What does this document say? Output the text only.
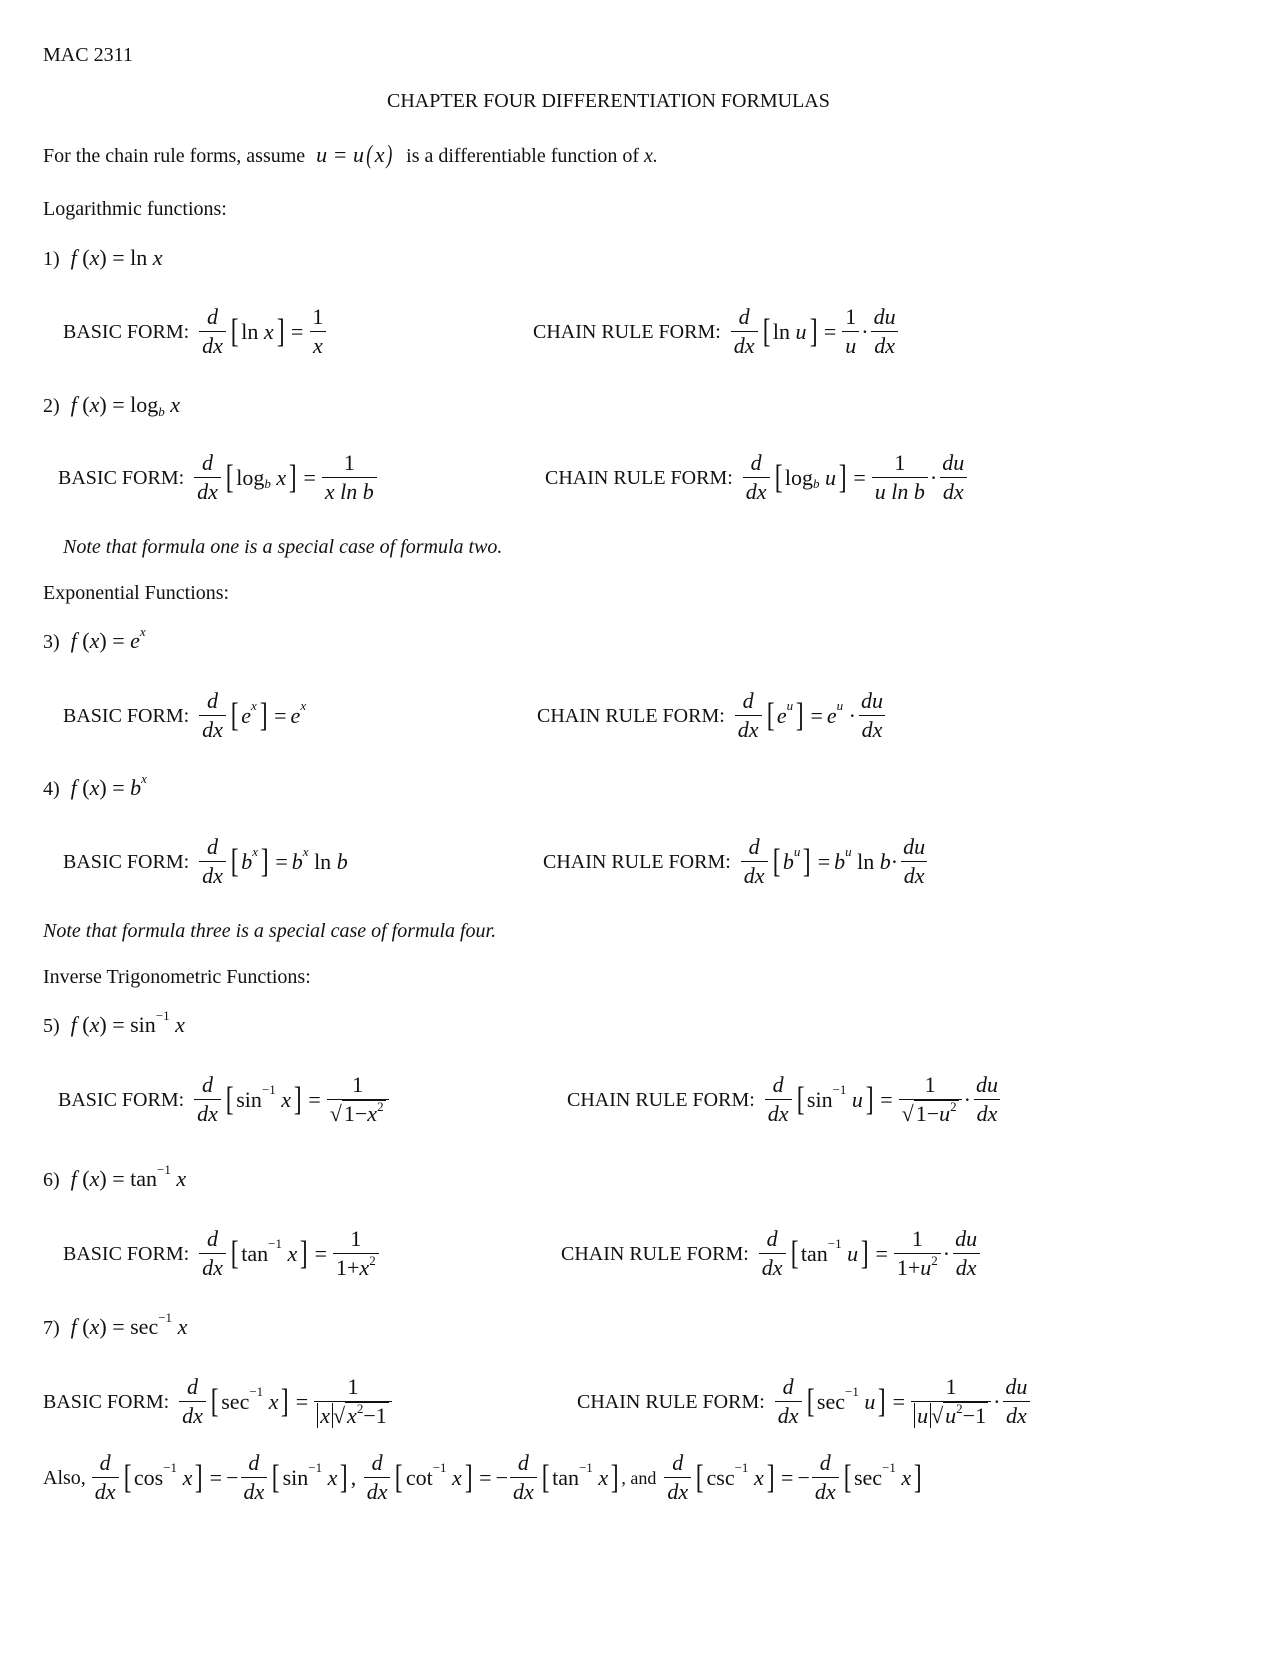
MAC 2311
CHAPTER FOUR DIFFERENTIATION FORMULAS
For the chain rule forms, assume u = u ( x ) is a differentiable function of x.
Logarithmic functions:
1) f ( x ) = ln x
BASIC FORM: $\frac{d}{dx}$ [ ln x ] = $\frac{1}{x}$	CHAIN RULE FORM: $\frac{d}{dx}$ [ ln u ] = $\frac{1}{u} \cdot \frac{du}{dx}$
2) f ( x ) = log b
x
BASIC FORM: $\frac{d}{dx}$ [ log b
x ] = $\frac{1}{\text{x ln b}}$	CHAIN RULE FORM: $\frac{d}{dx}$ [ log b
u ] = $\frac{1}{\text{u ln b}} \cdot \frac{du}{dx}$
Note that formula one is a special case of formula two.
Exponential Functions:
3) f ( x ) = e x
BASIC FORM: $\frac{d}{dx}$ [ e x ] = e x	CHAIN RULE FORM: $\frac{d}{dx}$ [ e u ] = e $u \cdot \frac{du}{dx}$
4) f ( x ) = b x
BASIC FORM: $\frac{d}{dx}$ [ b x ] = b x ln b	CHAIN RULE FORM: $\frac{d}{dx}$ [ b u ] = b u $\ln b \cdot \frac{du}{dx}$
Note that formula three is a special case of formula four.
Inverse Trigonometric Functions:
5) f ( x ) = sin −1
x
BASIC FORM: $\frac{d}{dx}$ [ sin −1
x ] = $\frac{1}{√1-x^2}$	CHAIN RULE FORM: $\frac{d}{dx}$ [ sin −1
u ] = $\frac{1}{√1-u^2} \cdot \frac{du}{dx}$
6) f ( x ) = tan −1
x
BASIC FORM: $\frac{d}{dx}$ [ tan −1
x ] = $\frac{1}{1+x^2}$	CHAIN RULE FORM: $\frac{d}{dx}$ [ tan −1
u ] = $\frac{1}{1+u^2} \cdot \frac{du}{dx}$
7) f ( x ) = sec −1
x
BASIC FORM: $\frac{d}{dx}$ [ sec −1
x ] = $\frac{1}{x √x^2-1}$	CHAIN RULE FORM: $\frac{d}{dx}$ [ sec −1
u ] = $\frac{1}{u √u^2-1} \cdot \frac{du}{dx}$
Also, $\frac{d}{dx}$ [ cos −1
x ] = − $\frac{d}{dx}$ [ sin −1
x ] , $\frac{d}{dx}$ [ cot −1
x ] = − $\frac{d}{dx}$ [ tan −1
x ] , and $\frac{d}{dx}$ [ csc −1
x ] = − $\frac{d}{dx}$ [ sec −1
x ]
